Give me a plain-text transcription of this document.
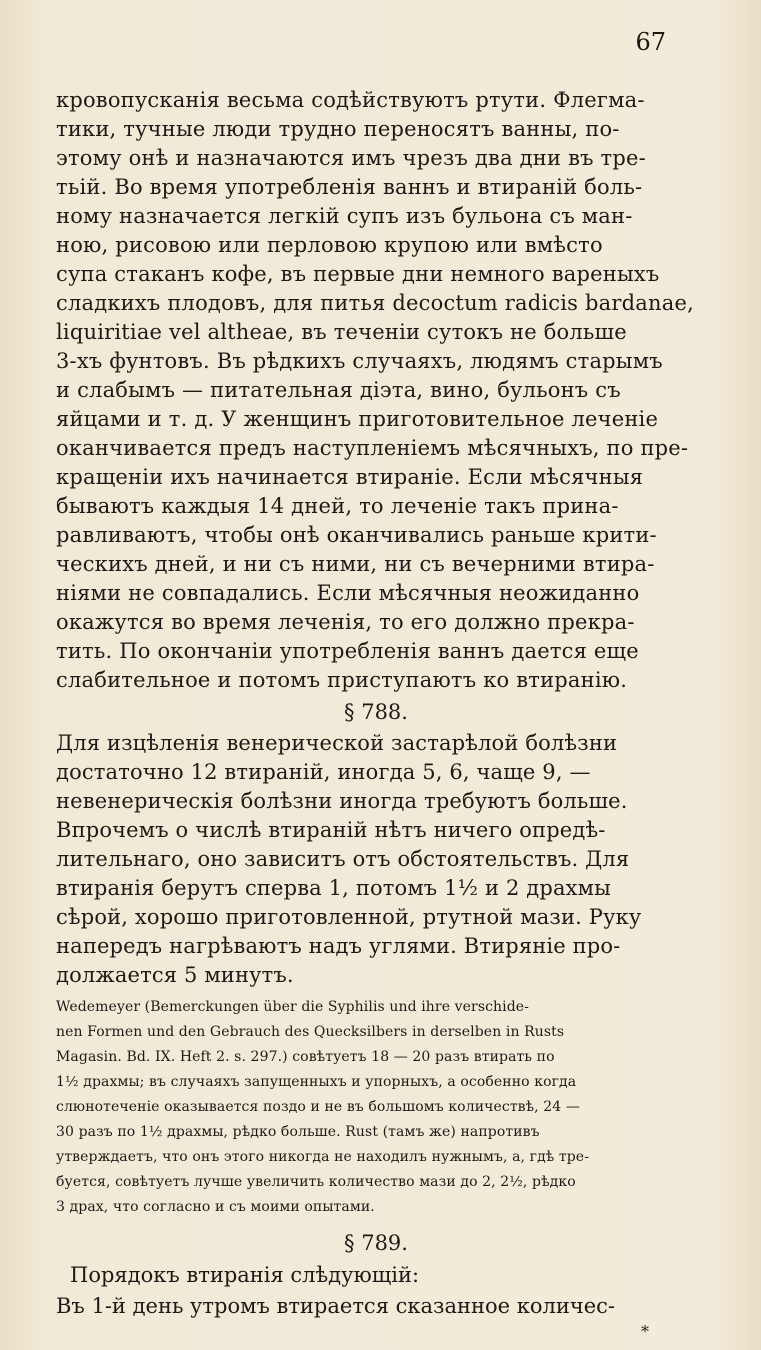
67
кровопусканія весьма содѣйствуютъ ртути. Флегма-
тики, тучные люди трудно переносятъ ванны, по-
этому онѣ и назначаются имъ чрезъ два дни въ тре-
тьій. Во время употребленія ваннъ и втираній боль-
ному назначается легкій супъ изъ бульона съ ман-
ною, рисовою или перловою крупою или вмѣсто
супа стаканъ кофе, въ первые дни немного вареныхъ
сладкихъ плодовъ, для питья decoctum radicis bardanae,
liquiritiae vel altheae, въ теченіи сутокъ не больше
3-хъ фунтовъ. Въ рѣдкихъ случаяхъ, людямъ старымъ
и слабымъ — питательная діэта, вино, бульонъ съ
яйцами и т. д. У женщинъ приготовительное леченіе
оканчивается предъ наступленіемъ мѣсячныхъ, по пре-
кращеніи ихъ начинается втираніе. Если мѣсячныя
бываютъ каждыя 14 дней, то леченіе такъ прина-
равливаютъ, чтобы онѣ оканчивались раньше крити-
ческихъ дней, и ни съ ними, ни съ вечерними втира-
ніями не совпадались. Если мѣсячныя неожиданно
окажутся во время леченія, то его должно прекра-
тить. По окончаніи употребленія ваннъ дается еще
слабительное и потомъ приступаютъ ко втиранію.
§ 788.
Для изцѣленія венерической застарѣлой болѣзни
достаточно 12 втираній, иногда 5, 6, чаще 9, —
невенерическія болѣзни иногда требуютъ больше.
Впрочемъ о числѣ втираній нѣтъ ничего опредѣ-
лительнаго, оно зависитъ отъ обстоятельствъ. Для
втиранія берутъ сперва 1, потомъ 1½ и 2 драхмы
сѣрой, хорошо приготовленной, ртутной мази. Руку
напередъ нагрѣваютъ надъ углями. Втиряніе про-
должается 5 минутъ.
Wedemeyer (Bemerckungen über die Syphilis und ihre verschide-
nen Formen und den Gebrauch des Quecksilbers in derselben in Rusts
Magasin. Bd. IX. Heft 2. s. 297.) совѣтуетъ 18 — 20 разъ втирать по
1½ драхмы; въ случаяхъ запущенныхъ и упорныхъ, а особенно когда
слюнотеченіе оказывается поздо и не въ большомъ количествѣ, 24 —
30 разъ по 1½ драхмы, рѣдко больше. Rust (тамъ же) напротивъ
утверждаетъ, что онъ этого никогда не находилъ нужнымъ, а, гдѣ тре-
буется, совѣтуетъ лучше увеличить количество мази до 2, 2½, рѣдко
3 драх, что согласно и съ моими опытами.
§ 789.
Порядокъ втиранія слѣдующій:
Въ 1-й день утромъ втирается сказанное количес-
*
